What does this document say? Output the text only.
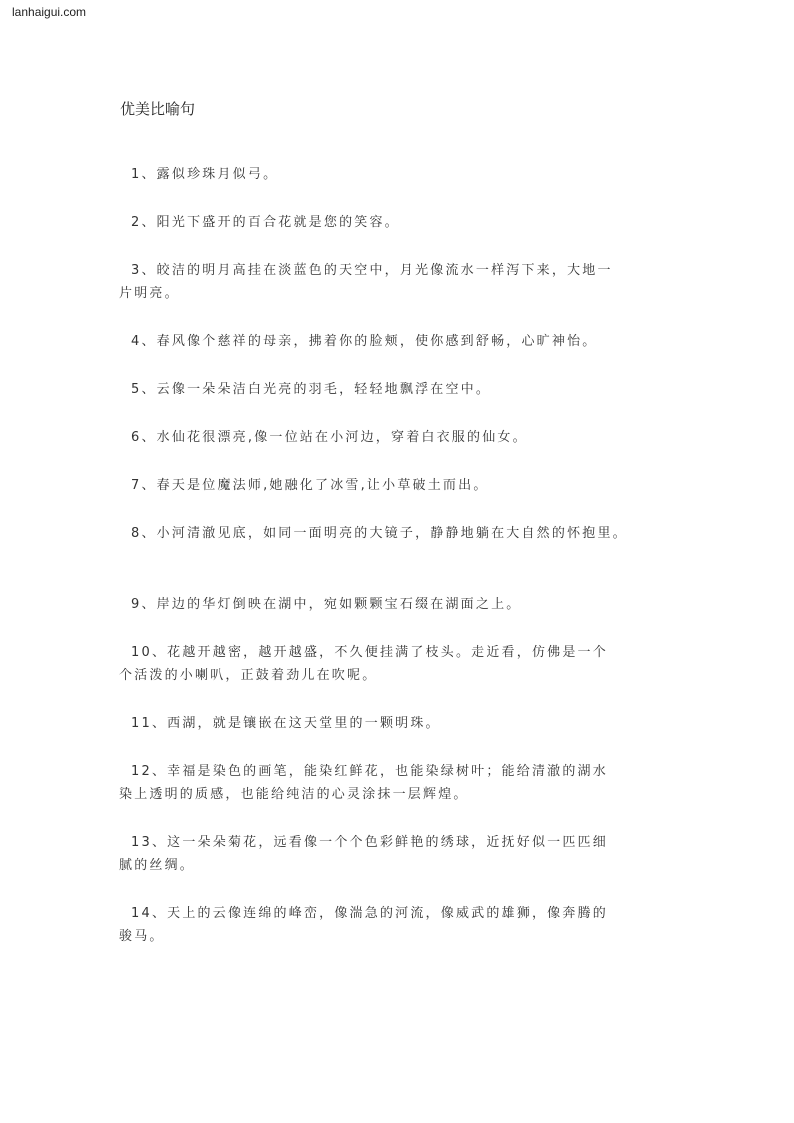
lanhaigui.com
优美比喻句
1、露似珍珠月似弓。
2、阳光下盛开的百合花就是您的笑容。
3、皎洁的明月高挂在淡蓝色的天空中，月光像流水一样泻下来，大地一
片明亮。
4、春风像个慈祥的母亲，拂着你的脸颊，使你感到舒畅，心旷神怡。
5、云像一朵朵洁白光亮的羽毛，轻轻地飘浮在空中。
6、水仙花很漂亮,像一位站在小河边，穿着白衣服的仙女。
7、春天是位魔法师,她融化了冰雪,让小草破土而出。
8、小河清澈见底，如同一面明亮的大镜子，静静地躺在大自然的怀抱里。
9、岸边的华灯倒映在湖中，宛如颗颗宝石缀在湖面之上。
10、花越开越密，越开越盛，不久便挂满了枝头。走近看，仿佛是一个
个活泼的小喇叭，正鼓着劲儿在吹呢。
11、西湖，就是镶嵌在这天堂里的一颗明珠。
12、幸福是染色的画笔，能染红鲜花，也能染绿树叶；能给清澈的湖水
染上透明的质感，也能给纯洁的心灵涂抹一层辉煌。
13、这一朵朵菊花，远看像一个个色彩鲜艳的绣球，近抚好似一匹匹细
腻的丝绸。
14、天上的云像连绵的峰峦，像湍急的河流，像威武的雄狮，像奔腾的
骏马。
